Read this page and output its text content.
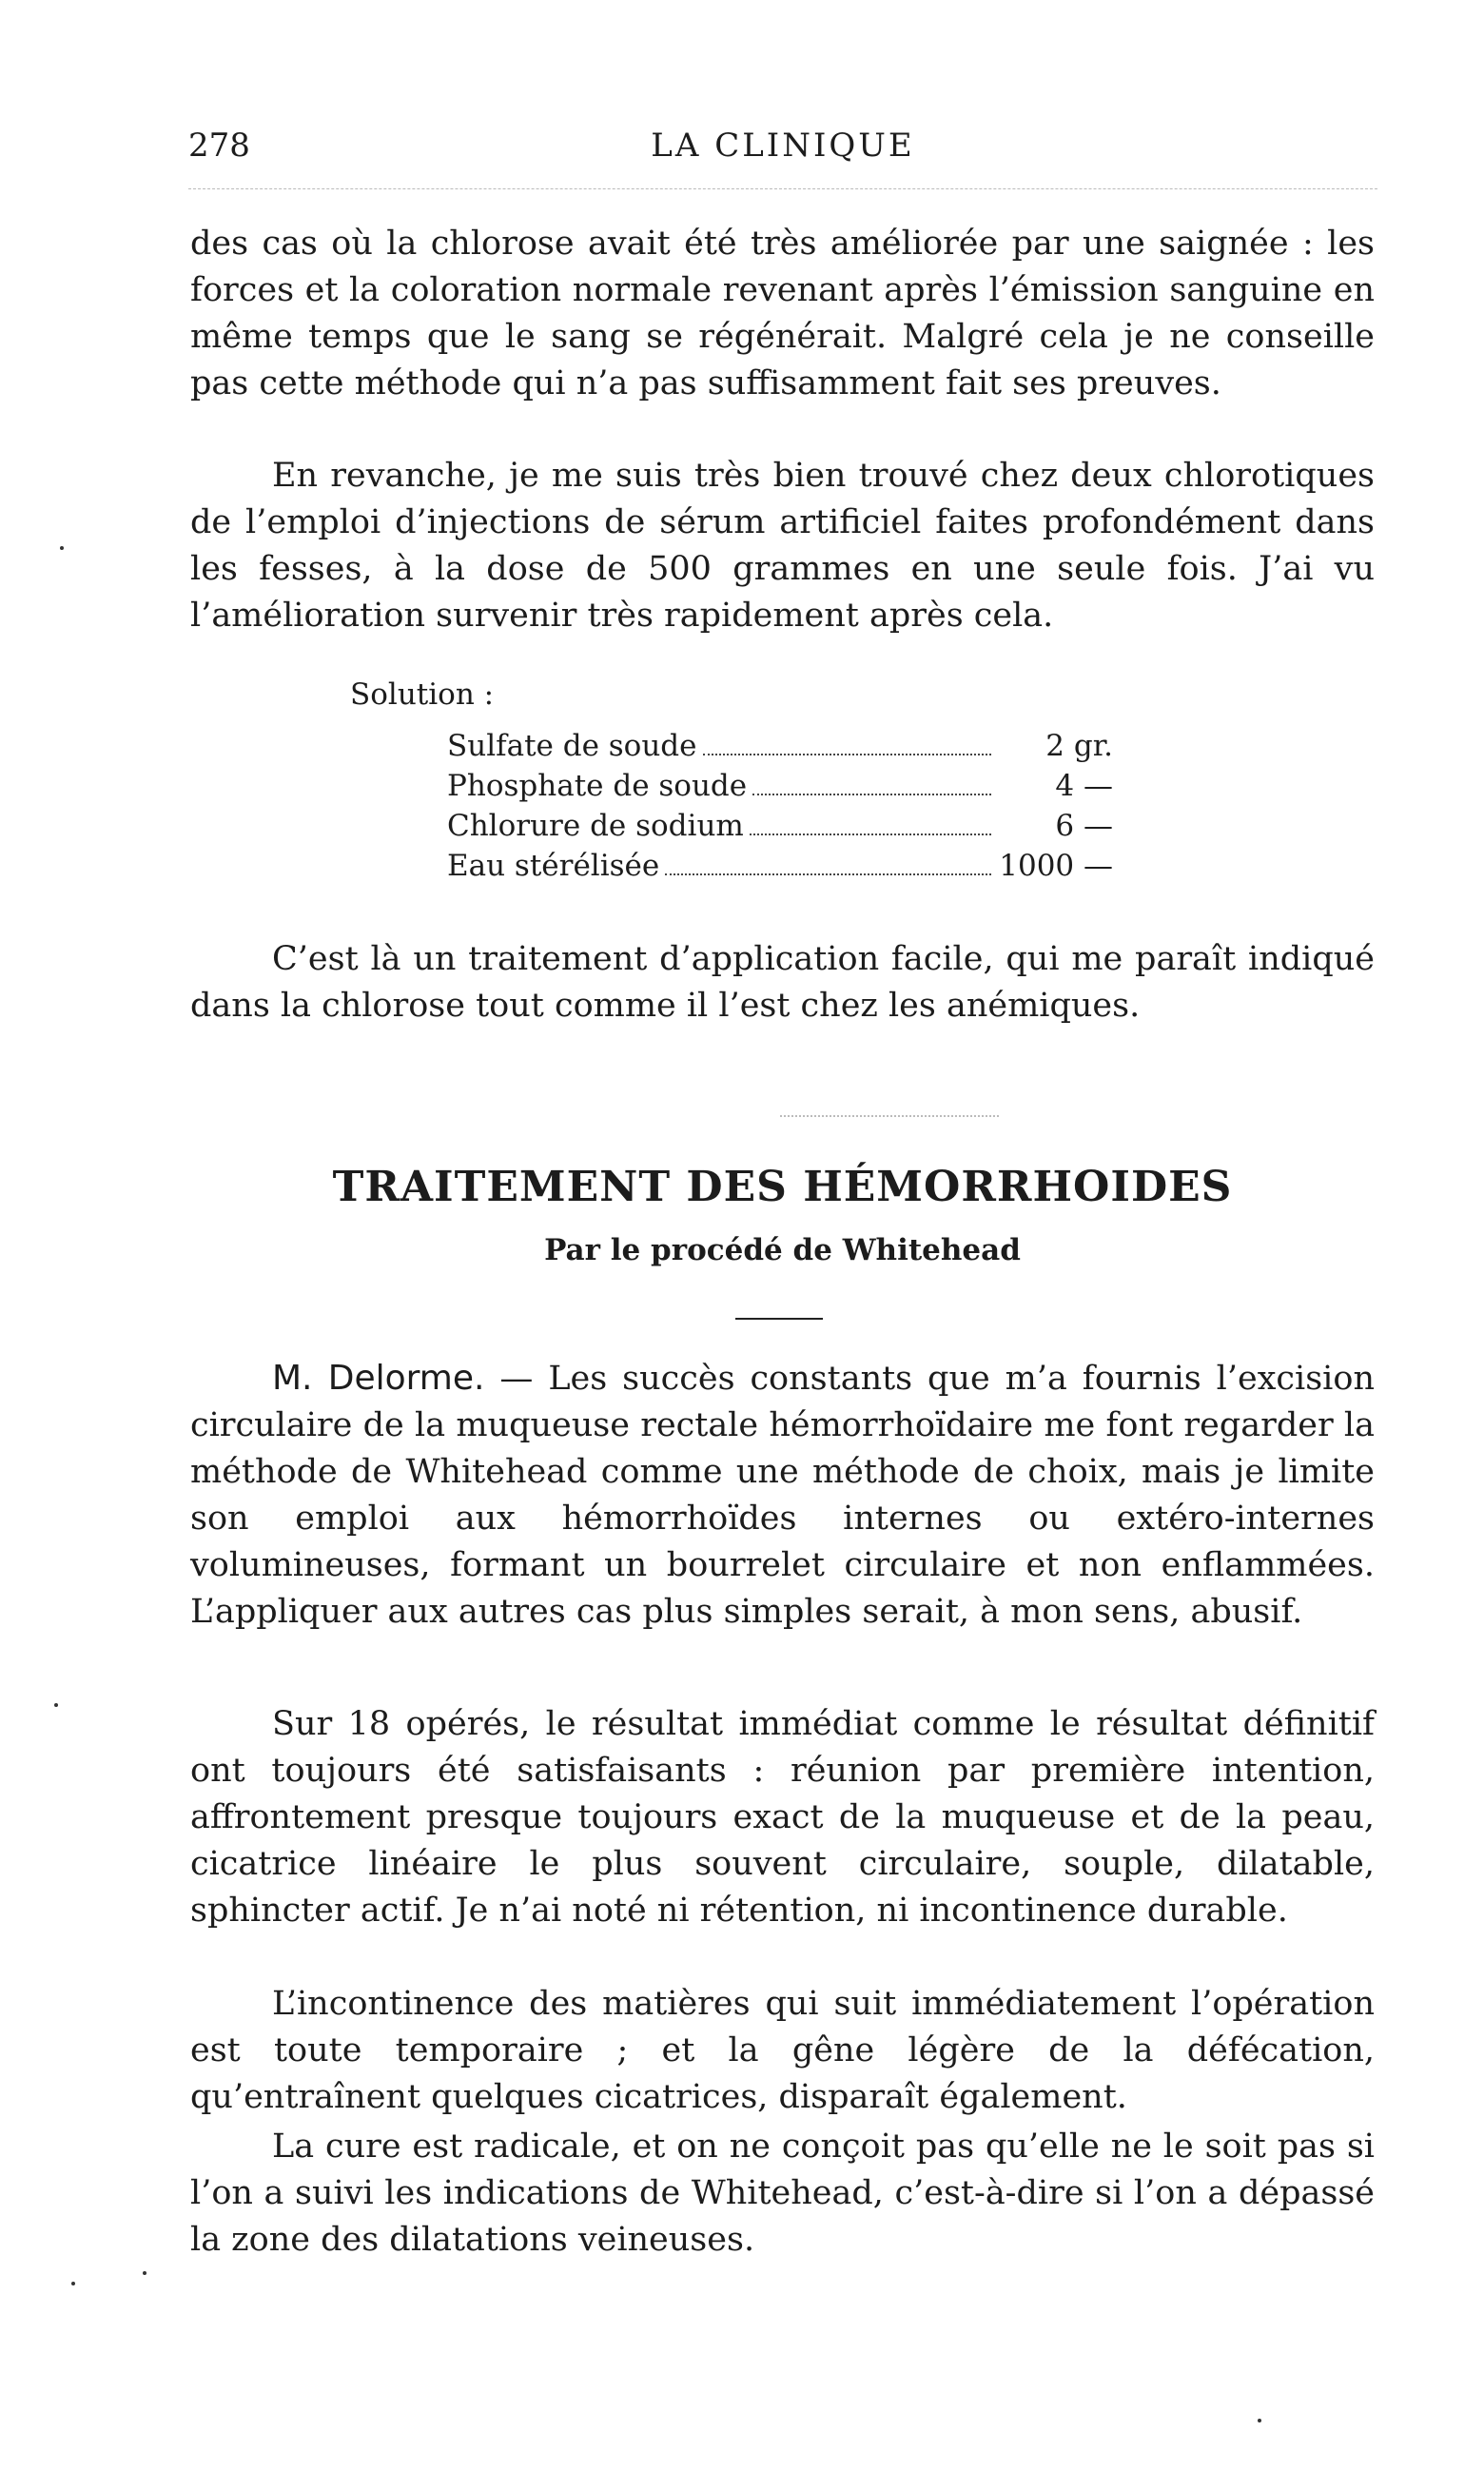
278	LA CLINIQUE

des cas où la chlorose avait été très améliorée par une saignée : les forces et la coloration normale revenant après l’émission sanguine en même temps que le sang se régénérait. Malgré cela je ne conseille pas cette méthode qui n’a pas suffisamment fait ses preuves.

En revanche, je me suis très bien trouvé chez deux chlorotiques de l’emploi d’injections de sérum artificiel faites profondément dans les fesses, à la dose de 500 grammes en une seule fois. J’ai vu l’amélioration survenir très rapidement après cela.

Solution :
Sulfate de soude	2 gr.
Phosphate de soude	4 —
Chlorure de sodium	6 —
Eau stérélisée	1000 —

C’est là un traitement d’application facile, qui me paraît indiqué dans la chlorose tout comme il l’est chez les anémiques.

TRAITEMENT DES HÉMORRHOIDES
Par le procédé de Whitehead

M. Delorme. — Les succès constants que m’a fournis l’excision circulaire de la muqueuse rectale hémorrhoïdaire me font regarder la méthode de Whitehead comme une méthode de choix, mais je limite son emploi aux hémorrhoïdes internes ou extéro-internes volumineuses, formant un bourrelet circulaire et non enflammées. L’appliquer aux autres cas plus simples serait, à mon sens, abusif.

Sur 18 opérés, le résultat immédiat comme le résultat définitif ont toujours été satisfaisants : réunion par première intention, affrontement presque toujours exact de la muqueuse et de la peau, cicatrice linéaire le plus souvent circulaire, souple, dilatable, sphincter actif. Je n’ai noté ni rétention, ni incontinence durable.

L’incontinence des matières qui suit immédiatement l’opération est toute temporaire ; et la gêne légère de la défécation, qu’entraînent quelques cicatrices, disparaît également.

La cure est radicale, et on ne conçoit pas qu’elle ne le soit pas si l’on a suivi les indications de Whitehead, c’est-à-dire si l’on a dépassé la zone des dilatations veineuses.
